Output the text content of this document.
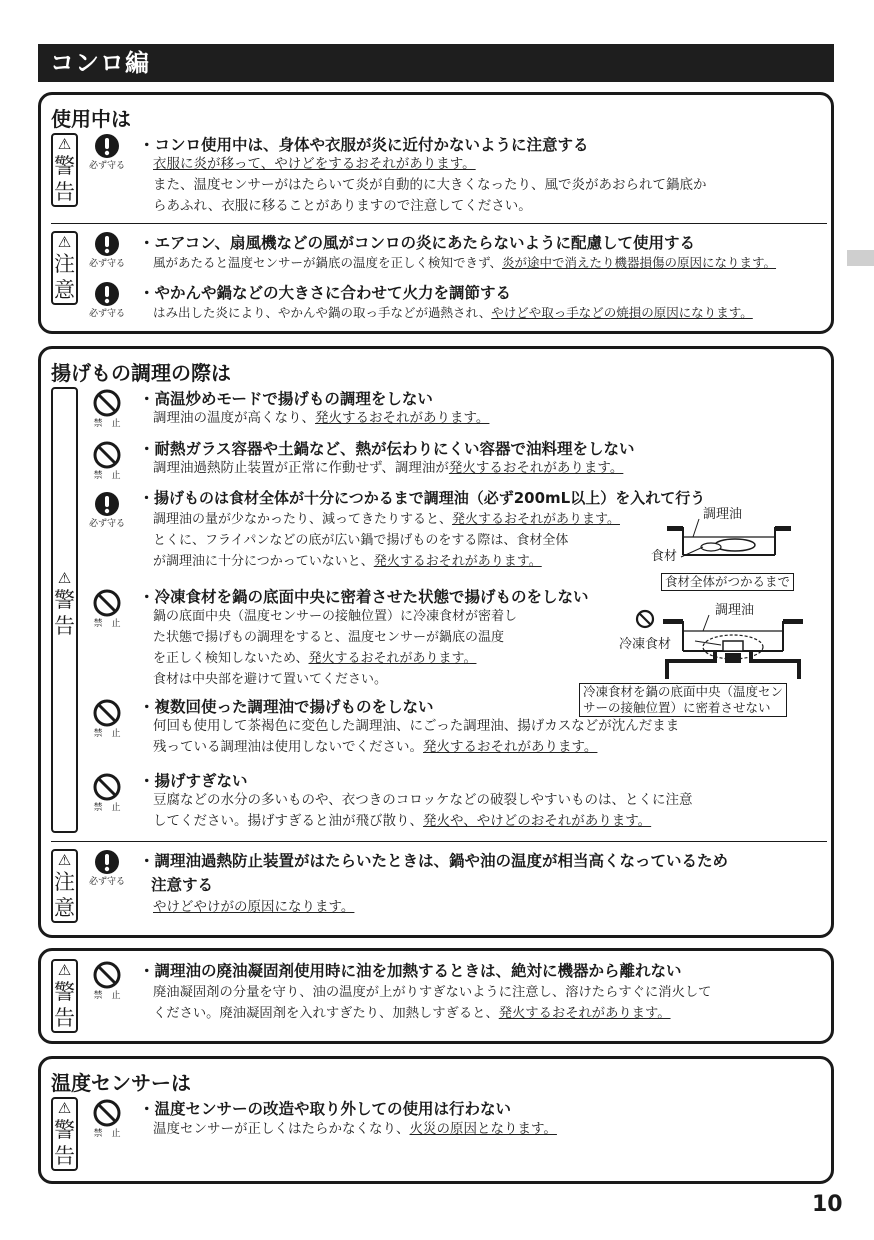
コンロ編
使用中は
⚠
警
告
必ず守る
・コンロ使用中は、身体や衣服が炎に近付かないように注意する
衣服に炎が移って、やけどをするおそれがあります。
また、温度センサーがはたらいて炎が自動的に大きくなったり、風で炎があおられて鍋底か
らあふれ、衣服に移ることがありますので注意してください。
⚠
注
意
必ず守る
・エアコン、扇風機などの風がコンロの炎にあたらないように配慮して使用する
風があたると温度センサーが鍋底の温度を正しく検知できず、炎が途中で消えたり機器損傷の原因になります。
必ず守る
・やかんや鍋などの大きさに合わせて火力を調節する
はみ出した炎により、やかんや鍋の取っ手などが過熱され、やけどや取っ手などの焼損の原因になります。
揚げもの調理の際は
⚠
警
告
禁　止
・高温炒めモードで揚げもの調理をしない
調理油の温度が高くなり、発火するおそれがあります。
禁　止
・耐熱ガラス容器や土鍋など、熱が伝わりにくい容器で油料理をしない
調理油過熱防止装置が正常に作動せず、調理油が発火するおそれがあります。
必ず守る
・揚げものは食材全体が十分につかるまで調理油（必ず200mL以上）を入れて行う
調理油の量が少なかったり、減ってきたりすると、発火するおそれがあります。
とくに、フライパンなどの底が広い鍋で揚げものをする際は、食材全体
が調理油に十分につかっていないと、発火するおそれがあります。
調理油
食材
食材全体がつかるまで
禁　止
・冷凍食材を鍋の底面中央に密着させた状態で揚げものをしない
鍋の底面中央（温度センサーの接触位置）に冷凍食材が密着し
た状態で揚げもの調理をすると、温度センサーが鍋底の温度
を正しく検知しないため、発火するおそれがあります。
食材は中央部を避けて置いてください。
調理油
冷凍食材
冷凍食材を鍋の底面中央（温度セン
サーの接触位置）に密着させない
禁　止
・複数回使った調理油で揚げものをしない
何回も使用して茶褐色に変色した調理油、にごった調理油、揚げカスなどが沈んだまま
残っている調理油は使用しないでください。発火するおそれがあります。
禁　止
・揚げすぎない
豆腐などの水分の多いものや、衣つきのコロッケなどの破裂しやすいものは、とくに注意
してください。揚げすぎると油が飛び散り、発火や、やけどのおそれがあります。
⚠
注
意
必ず守る
・調理油過熱防止装置がはたらいたときは、鍋や油の温度が相当高くなっているため
注意する
やけどやけがの原因になります。
⚠
警
告
禁　止
・調理油の廃油凝固剤使用時に油を加熱するときは、絶対に機器から離れない
廃油凝固剤の分量を守り、油の温度が上がりすぎないように注意し、溶けたらすぐに消火して
ください。廃油凝固剤を入れすぎたり、加熱しすぎると、発火するおそれがあります。
温度センサーは
⚠
警
告
禁　止
・温度センサーの改造や取り外しての使用は行わない
温度センサーが正しくはたらかなくなり、火災の原因となります。
10
